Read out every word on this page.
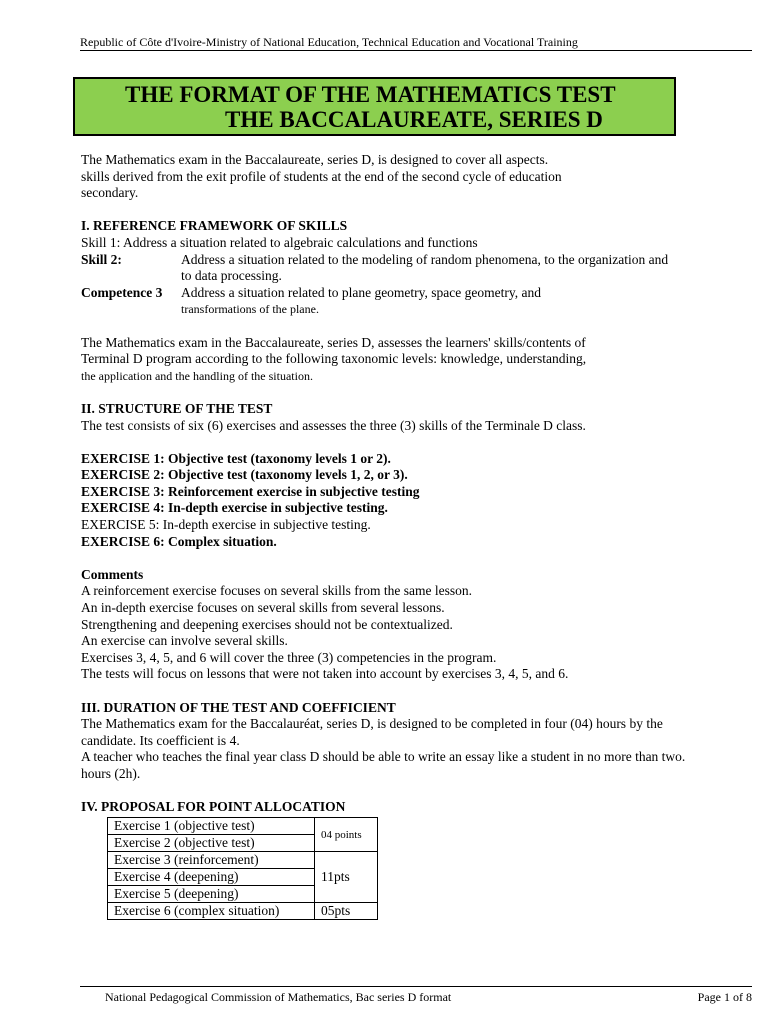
Republic of Côte d'Ivoire-Ministry of National Education, Technical Education and Vocational Training
THE FORMAT OF THE MATHEMATICS TEST
THE BACCALAUREATE, SERIES D

The Mathematics exam in the Baccalaureate, series D, is designed to cover all aspects.

skills derived from the exit profile of students at the end of the second cycle of education

secondary.

I. REFERENCE FRAMEWORK OF SKILLS

Skill 1: Address a situation related to algebraic calculations and functions

Skill 2:	Address a situation related to the modeling of random phenomena, to the organization and

to data processing.

Competence 3	Address a situation related to plane geometry, space geometry, and

transformations of the plane.

The Mathematics exam in the Baccalaureate, series D, assesses the learners' skills/contents of

Terminal D program according to the following taxonomic levels: knowledge, understanding,

the application and the handling of the situation.

II. STRUCTURE OF THE TEST

The test consists of six (6) exercises and assesses the three (3) skills of the Terminale D class.

EXERCISE 1: Objective test (taxonomy levels 1 or 2).

EXERCISE 2: Objective test (taxonomy levels 1, 2, or 3).

EXERCISE 3: Reinforcement exercise in subjective testing

EXERCISE 4: In-depth exercise in subjective testing.

EXERCISE 5: In-depth exercise in subjective testing.

EXERCISE 6: Complex situation.

Comments

A reinforcement exercise focuses on several skills from the same lesson.

An in-depth exercise focuses on several skills from several lessons.

Strengthening and deepening exercises should not be contextualized.

An exercise can involve several skills.

Exercises 3, 4, 5, and 6 will cover the three (3) competencies in the program.

The tests will focus on lessons that were not taken into account by exercises 3, 4, 5, and 6.

III. DURATION OF THE TEST AND COEFFICIENT

The Mathematics exam for the Baccalauréat, series D, is designed to be completed in four (04) hours by the

candidate. Its coefficient is 4.

A teacher who teaches the final year class D should be able to write an essay like a student in no more than two.

hours (2h).

IV. PROPOSAL FOR POINT ALLOCATION

Exercise 1 (objective test)	04 points
Exercise 2 (objective test)	
Exercise 3 (reinforcement)	11pts
Exercise 4 (deepening)	
Exercise 5 (deepening)	
Exercise 6 (complex situation)	05pts
National Pedagogical Commission of Mathematics, Bac series D format	Page 1 of 8
